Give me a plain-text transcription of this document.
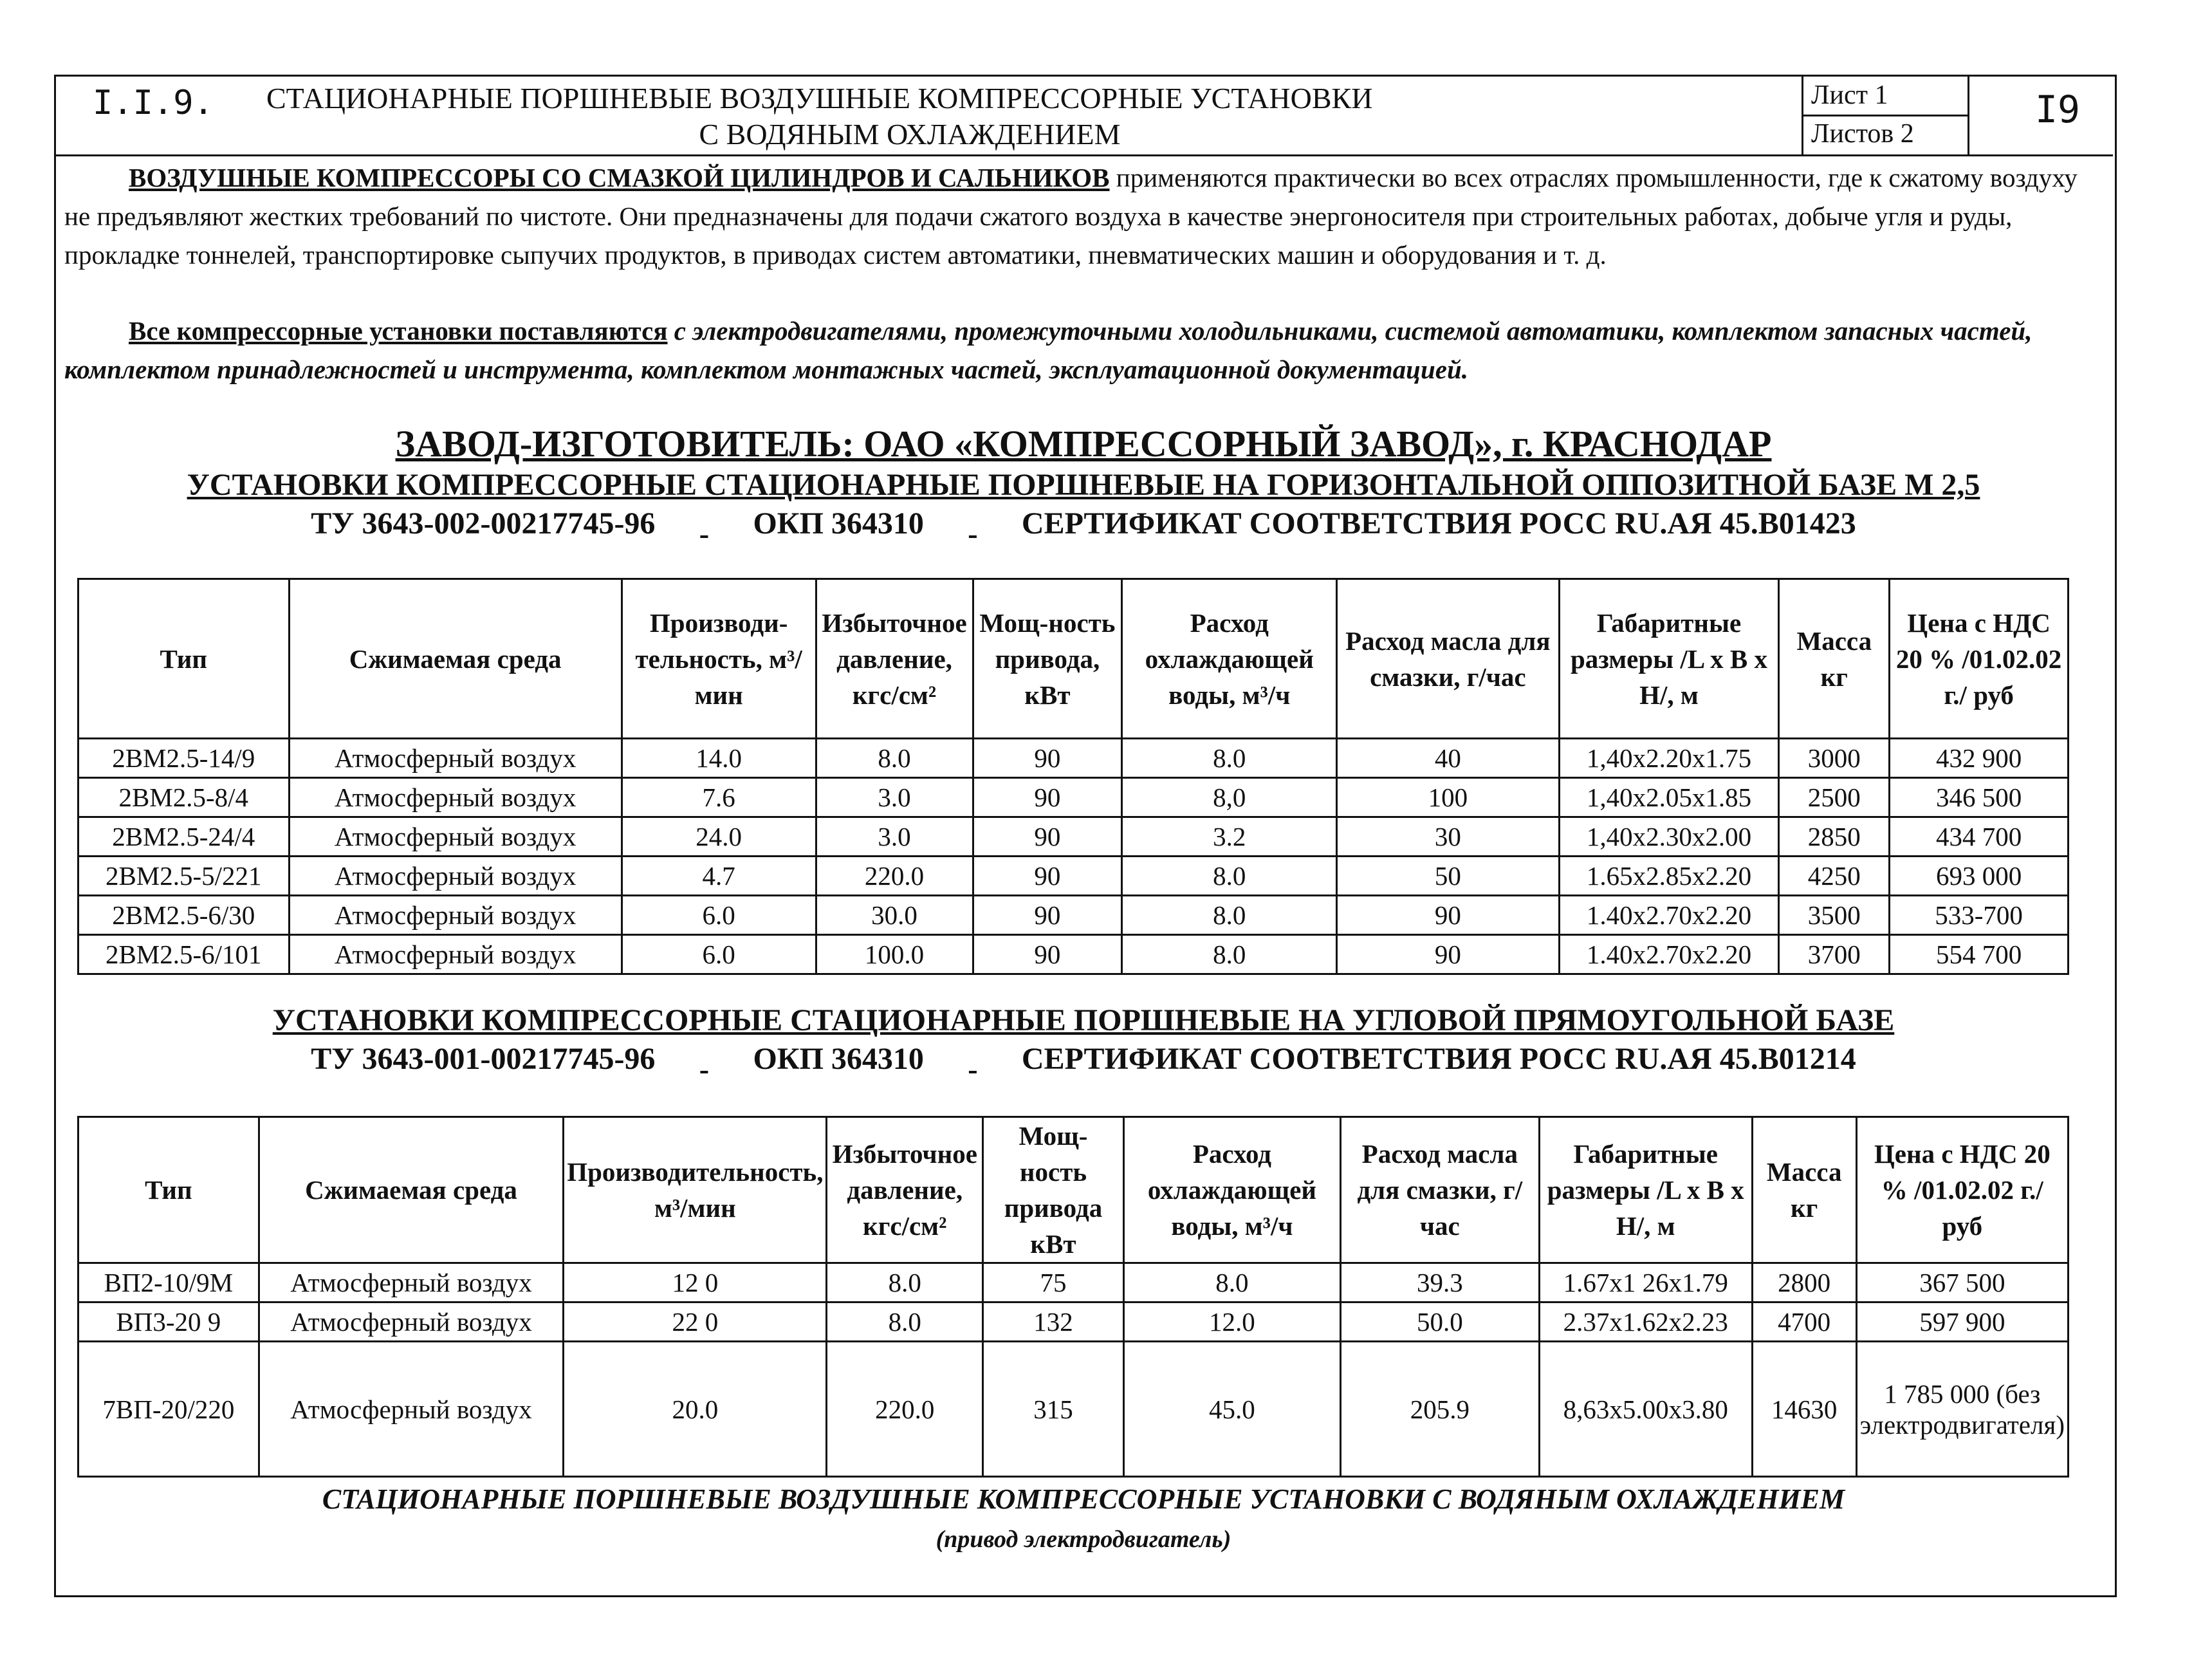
I.I.9. СТАЦИОНАРНЫЕ ПОРШНЕВЫЕ ВОЗДУШНЫЕ КОМПРЕССОРНЫЕ УСТАНОВКИ
С ВОДЯНЫМ ОХЛАЖДЕНИЕМ
Лист 1
Листов 2
I9
ВОЗДУШНЫЕ КОМПРЕССОРЫ СО СМАЗКОЙ ЦИЛИНДРОВ И САЛЬНИКОВ применяются практически во всех отраслях промышленности, где к сжатому воздуху не предъявляют жестких требований по чистоте. Они предназначены для подачи сжатого воздуха в качестве энергоносителя при строительных работах, добыче угля и руды, прокладке тоннелей, транспортировке сыпучих продуктов, в приводах систем автоматики, пневматических машин и оборудования и т. д.
Все компрессорные установки поставляются с электродвигателями, промежуточными холодильниками, системой автоматики, комплектом запасных частей, комплектом принадлежностей и инструмента, комплектом монтажных частей, эксплуатационной документацией.
ЗАВОД-ИЗГОТОВИТЕЛЬ: ОАО «КОМПРЕССОРНЫЙ ЗАВОД», г. КРАСНОДАР
УСТАНОВКИ КОМПРЕССОРНЫЕ СТАЦИОНАРНЫЕ ПОРШНЕВЫЕ НА ГОРИЗОНТАЛЬНОЙ ОППОЗИТНОЙ БАЗЕ М 2,5
ТУ 3643-002-00217745-96	ОКП 364310	СЕРТИФИКАТ СООТВЕТСТВИЯ РОСС RU.АЯ 45.В01423
Тип	Сжимаемая среда	Производи-тельность, м³/мин	Избыточное давление, кгс/см²	Мощ-ность привода, кВт	Расход охлаждающей воды, м³/ч	Расход масла для смазки, г/час	Габаритные размеры /L x B x H/, м	Масса кг	Цена с НДС 20 % /01.02.02 г./ руб
2ВМ2.5-14/9	Атмосферный воздух	14.0	8.0	90	8.0	40	1,40x2.20x1.75	3000	432 900
2ВМ2.5-8/4	Атмосферный воздух	7.6	3.0	90	8,0	100	1,40x2.05x1.85	2500	346 500
2ВМ2.5-24/4	Атмосферный воздух	24.0	3.0	90	3.2	30	1,40x2.30x2.00	2850	434 700
2ВМ2.5-5/221	Атмосферный воздух	4.7	220.0	90	8.0	50	1.65x2.85x2.20	4250	693 000
2ВМ2.5-6/30	Атмосферный воздух	6.0	30.0	90	8.0	90	1.40x2.70x2.20	3500	533-700
2ВМ2.5-6/101	Атмосферный воздух	6.0	100.0	90	8.0	90	1.40x2.70x2.20	3700	554 700
УСТАНОВКИ КОМПРЕССОРНЫЕ СТАЦИОНАРНЫЕ ПОРШНЕВЫЕ НА УГЛОВОЙ ПРЯМОУГОЛЬНОЙ БАЗЕ
ТУ 3643-001-00217745-96	ОКП 364310	СЕРТИФИКАТ СООТВЕТСТВИЯ РОСС RU.АЯ 45.В01214
Тип	Сжимаемая среда	Производительность, м³/мин	Избыточное давление, кгс/см²	Мощ-ность привода кВт	Расход охлаждающей воды, м³/ч	Расход масла для смазки, г/час	Габаритные размеры /L x B x H/, м	Масса кг	Цена с НДС 20 % /01.02.02 г./ руб
ВП2-10/9М	Атмосферный воздух	12 0	8.0	75	8.0	39.3	1.67x1 26x1.79	2800	367 500
ВП3-20 9	Атмосферный воздух	22 0	8.0	132	12.0	50.0	2.37x1.62x2.23	4700	597 900
7ВП-20/220	Атмосферный воздух	20.0	220.0	315	45.0	205.9	8,63x5.00x3.80	14630	1 785 000 (без электродвигателя)
СТАЦИОНАРНЫЕ ПОРШНЕВЫЕ ВОЗДУШНЫЕ КОМПРЕССОРНЫЕ УСТАНОВКИ С ВОДЯНЫМ ОХЛАЖДЕНИЕМ
(привод электродвигатель)
